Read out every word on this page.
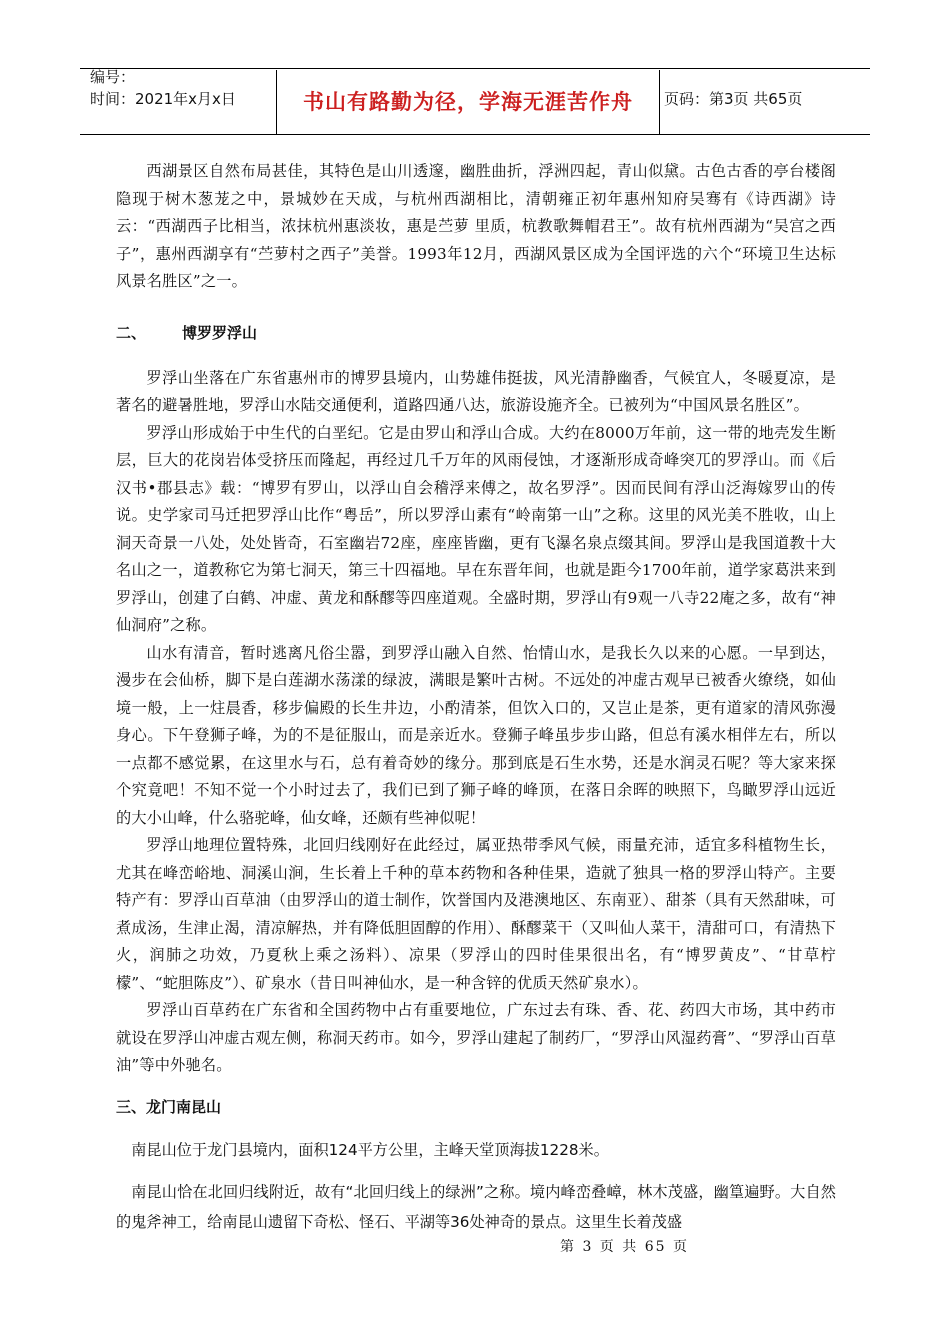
编号：
时间：2021年x月x日	书山有路勤为径，学海无涯苦作舟	页码：第3页 共65页

西湖景区自然布局甚佳，其特色是山川透邃，幽胜曲折，浮洲四起，青山似黛。古色古香的亭台楼阁隐现于树木葱茏之中，景城妙在天成，与杭州西湖相比，清朝雍正初年惠州知府吴骞有《诗西湖》诗云：“西湖西子比相当，浓抹杭州惠淡妆，惠是苎萝 里质，杭教歌舞帽君王”。故有杭州西湖为“吴宫之西子”，惠州西湖享有“苎萝村之西子”美誉。1993年12月，西湖风景区成为全国评选的六个“环境卫生达标风景名胜区”之一。

二、 博罗罗浮山

罗浮山坐落在广东省惠州市的博罗县境内，山势雄伟挺拔，风光清静幽香，气候宜人，冬暖夏凉，是著名的避暑胜地，罗浮山水陆交通便利，道路四通八达，旅游设施齐全。已被列为“中国风景名胜区”。

罗浮山形成始于中生代的白垩纪。它是由罗山和浮山合成。大约在8000万年前，这一带的地壳发生断层，巨大的花岗岩体受挤压而隆起，再经过几千万年的风雨侵蚀，才逐渐形成奇峰突兀的罗浮山。而《后汉书•郡县志》载：“博罗有罗山，以浮山自会稽浮来傅之，故名罗浮”。因而民间有浮山泛海嫁罗山的传说。史学家司马迁把罗浮山比作“粤岳”，所以罗浮山素有“岭南第一山”之称。这里的风光美不胜收，山上洞天奇景一八处，处处皆奇，石室幽岩72座，座座皆幽，更有飞瀑名泉点缀其间。罗浮山是我国道教十大名山之一，道教称它为第七洞天，第三十四福地。早在东晋年间，也就是距今1700年前，道学家葛洪来到罗浮山，创建了白鹤、冲虚、黄龙和酥醪等四座道观。全盛时期，罗浮山有9观一八寺22庵之多，故有“神仙洞府”之称。

山水有清音，暂时逃离凡俗尘嚣，到罗浮山融入自然、怡情山水，是我长久以来的心愿。一早到达，漫步在会仙桥，脚下是白莲湖水荡漾的绿波，满眼是繁叶古树。不远处的冲虚古观早已被香火缭绕，如仙境一般，上一炷晨香，移步偏殿的长生井边，小酌清茶，但饮入口的，又岂止是茶，更有道家的清风弥漫身心。下午登狮子峰，为的不是征服山，而是亲近水。登狮子峰虽步步山路，但总有溪水相伴左右，所以一点都不感觉累，在这里水与石，总有着奇妙的缘分。那到底是石生水势，还是水润灵石呢？等大家来探个究竟吧！不知不觉一个小时过去了，我们已到了狮子峰的峰顶，在落日余晖的映照下，鸟瞰罗浮山远近的大小山峰，什么骆驼峰，仙女峰，还颇有些神似呢！

罗浮山地理位置特殊，北回归线刚好在此经过，属亚热带季风气候，雨量充沛，适宜多科植物生长，尤其在峰峦峪地、洞溪山涧，生长着上千种的草本药物和各种佳果，造就了独具一格的罗浮山特产。主要特产有：罗浮山百草油（由罗浮山的道士制作，饮誉国内及港澳地区、东南亚）、甜茶（具有天然甜味，可煮成汤，生津止渴，清凉解热，并有降低胆固醇的作用）、酥醪菜干（又叫仙人菜干，清甜可口，有清热下火，润肺之功效，乃夏秋上乘之汤料）、凉果（罗浮山的四时佳果很出名，有“博罗黄皮”、“甘草柠檬”、“蛇胆陈皮”）、矿泉水（昔日叫神仙水，是一种含锌的优质天然矿泉水）。

罗浮山百草药在广东省和全国药物中占有重要地位，广东过去有珠、香、花、药四大市场，其中药市就设在罗浮山冲虚古观左侧，称洞天药市。如今，罗浮山建起了制药厂，“罗浮山风湿药膏”、“罗浮山百草油”等中外驰名。

三、龙门南昆山

南昆山位于龙门县境内，面积124平方公里，主峰天堂顶海拔1228米。

南昆山恰在北回归线附近，故有“北回归线上的绿洲”之称。境内峰峦叠嶂，林木茂盛，幽篁遍野。大自然的鬼斧神工，给南昆山遗留下奇松、怪石、平湖等36处神奇的景点。这里生长着茂盛

第 3 页 共 65 页
